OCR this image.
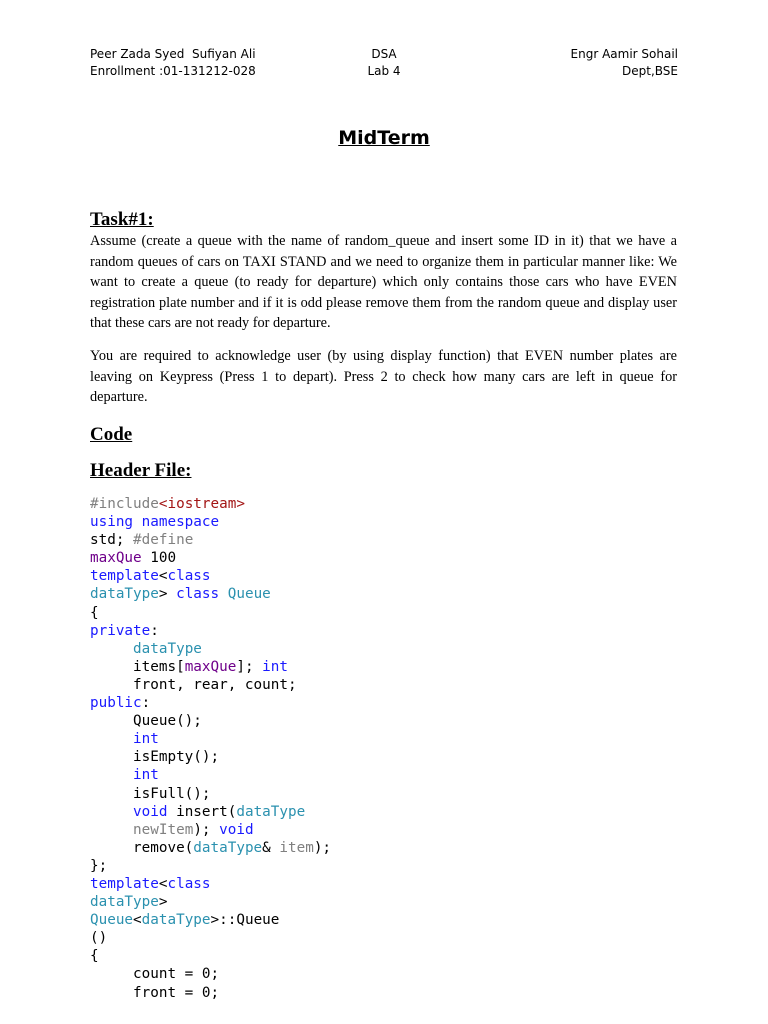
Peer Zada Syed  Sufiyan Ali
Enrollment :01-131212-028
DSA
Lab 4
Engr Aamir Sohail
Dept,BSE
MidTerm
Task#1:

Assume (create a queue with the name of random_queue and insert some ID in it) that we have a random queues of cars on TAXI STAND and we need to organize them in particular manner like: We want to create a queue (to ready for departure) which only contains those cars who have EVEN registration plate number and if it is odd please remove them from the random queue and display user that these cars are not ready for departure.

You are required to acknowledge user (by using display function) that EVEN number plates are leaving on Keypress (Press 1 to depart). Press 2 to check how many cars are left in queue for departure.

Code
Header File:
#include<iostream>
using namespace
std; #define
maxQue 100
template<class
dataType> class Queue
{
private:
dataType
items[maxQue]; int
front, rear, count;
public:
Queue();
int
isEmpty();
int
isFull();
void insert(dataType
newItem); void
remove(dataType& item);
};
template<class
dataType>
Queue<dataType>::Queue
()
{
count = 0;
front = 0;
